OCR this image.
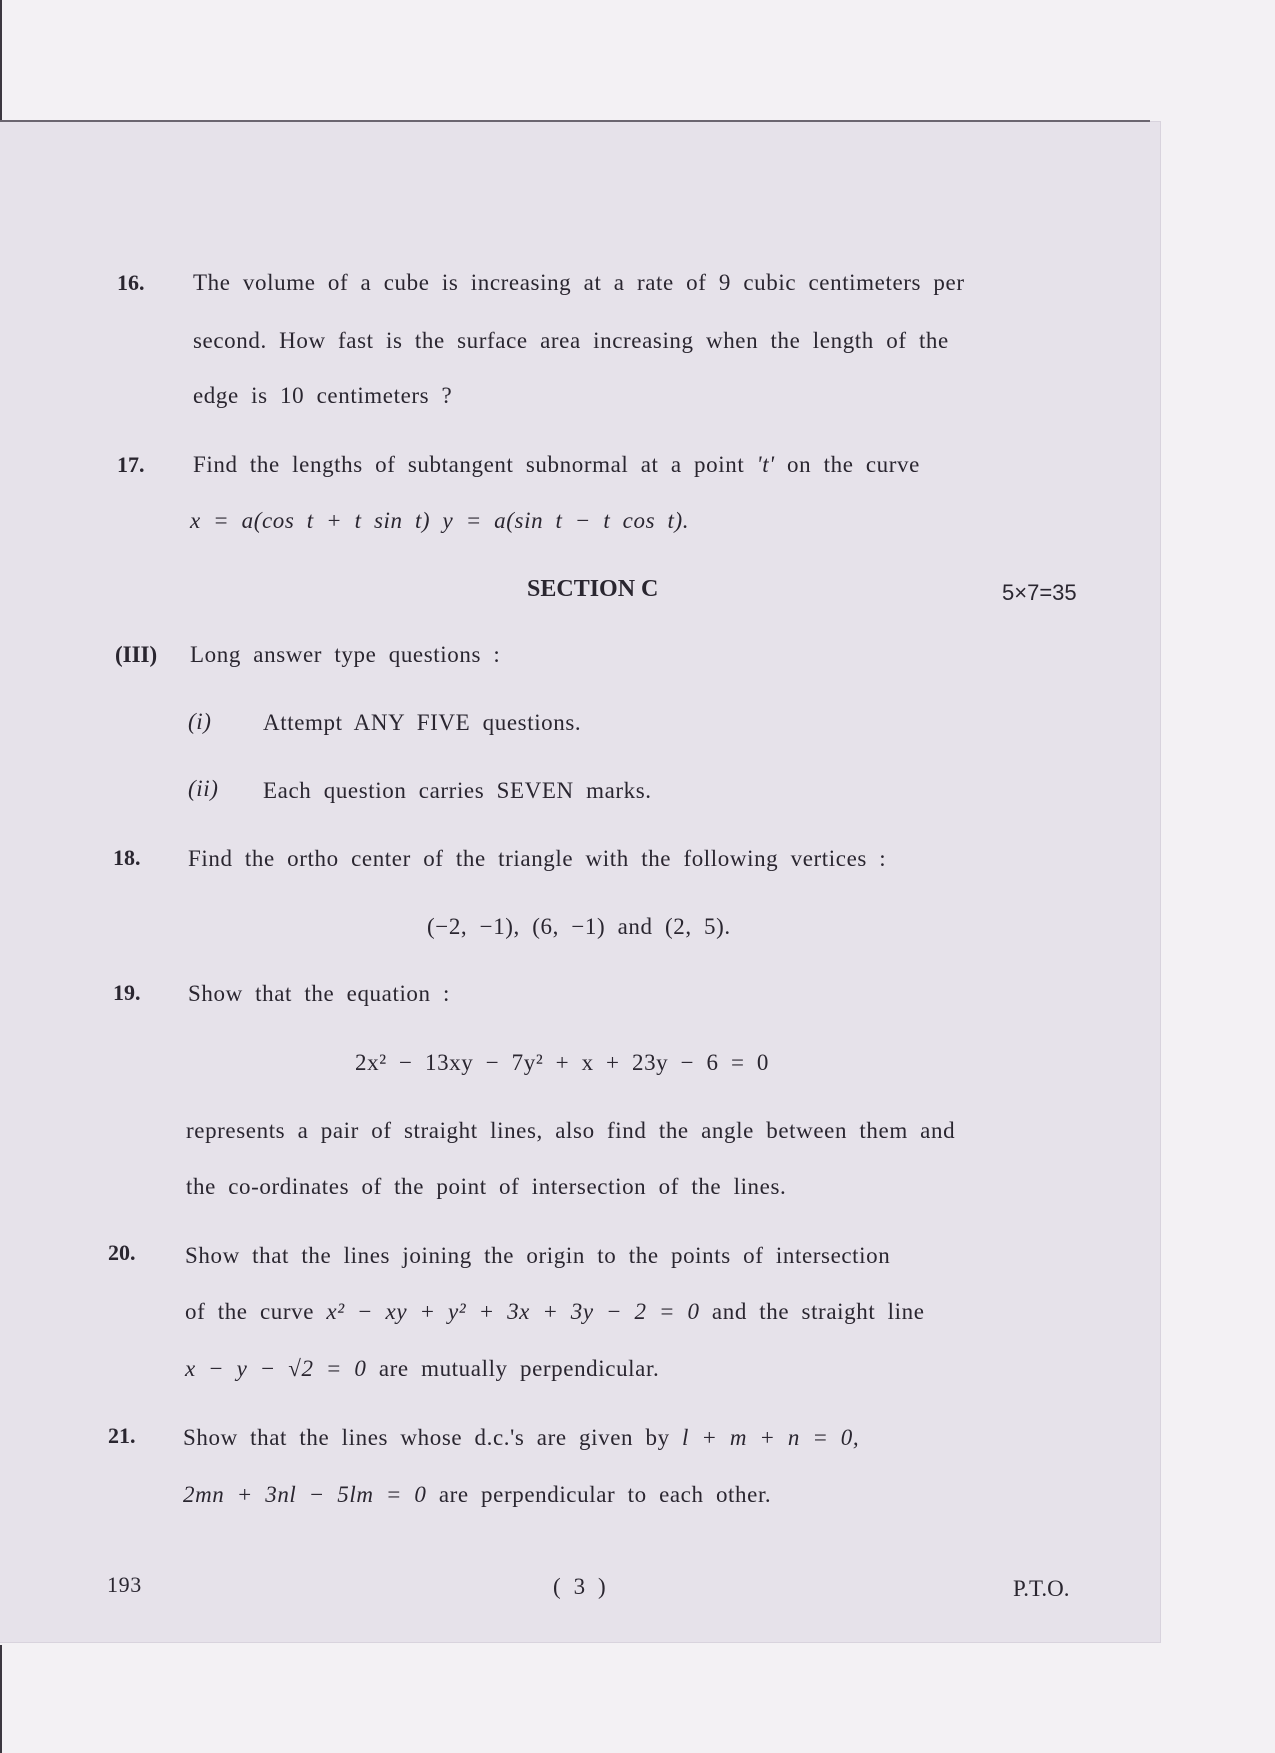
16. The volume of a cube is increasing at a rate of 9 cubic centimeters per
second. How fast is the surface area increasing when the length of the
edge is 10 centimeters ?
17. Find the lengths of subtangent subnormal at a point 't' on the curve
x = a(cos t + t sin t) y = a(sin t − t cos t).
SECTION C	5×7=35
(III) Long answer type questions :
(i) Attempt ANY FIVE questions.
(ii) Each question carries SEVEN marks.
18. Find the ortho center of the triangle with the following vertices :
(−2, −1), (6, −1) and (2, 5).
19. Show that the equation :
2x² − 13xy − 7y² + x + 23y − 6 = 0
represents a pair of straight lines, also find the angle between them and
the co-ordinates of the point of intersection of the lines.
20. Show that the lines joining the origin to the points of intersection
of the curve x² − xy + y² + 3x + 3y − 2 = 0 and the straight line
x − y − √2 = 0 are mutually perpendicular.
21. Show that the lines whose d.c.'s are given by l + m + n = 0,
2mn + 3nl − 5lm = 0 are perpendicular to each other.
193	( 3 )	P.T.O.
